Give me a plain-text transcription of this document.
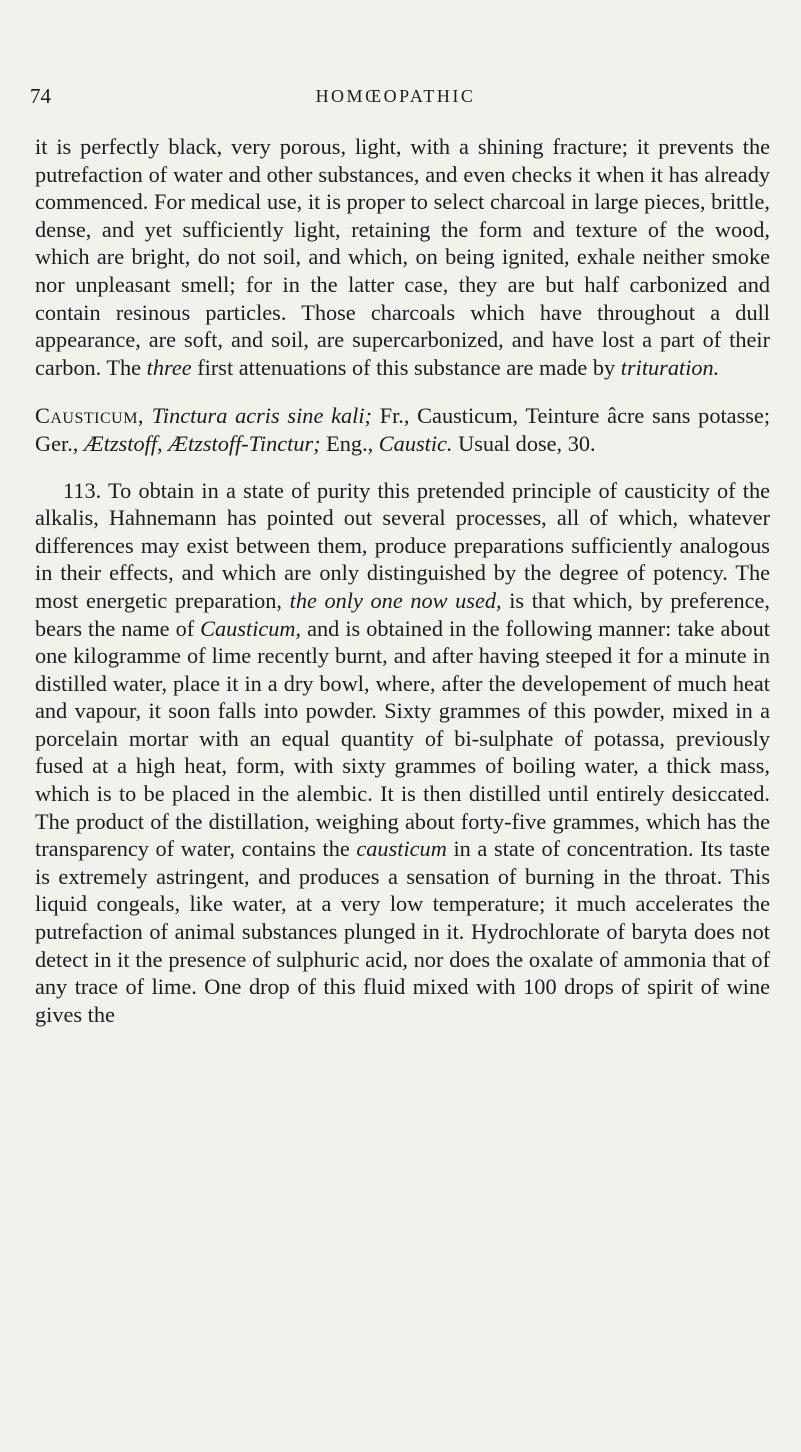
74	HOMŒOPATHIC

it is perfectly black, very porous, light, with a shining fracture; it prevents the putrefaction of water and other substances, and even checks it when it has already commenced. For medical use, it is proper to select charcoal in large pieces, brittle, dense, and yet sufficiently light, retaining the form and texture of the wood, which are bright, do not soil, and which, on being ignited, exhale neither smoke nor unpleasant smell; for in the latter case, they are but half carbonized and contain resinous particles. Those charcoals which have throughout a dull appearance, are soft, and soil, are supercarbonized, and have lost a part of their carbon. The three first attenuations of this substance are made by trituration.

Causticum, Tinctura acris sine kali; Fr., Causticum, Teinture âcre sans potasse; Ger., Ætzstoff, Ætzstoff-Tinctur; Eng., Caustic. Usual dose, 30.

113. To obtain in a state of purity this pretended principle of causticity of the alkalis, Hahnemann has pointed out several processes, all of which, whatever differences may exist between them, produce preparations sufficiently analogous in their effects, and which are only distinguished by the degree of potency. The most energetic preparation, the only one now used, is that which, by preference, bears the name of Causticum, and is obtained in the following manner: take about one kilogramme of lime recently burnt, and after having steeped it for a minute in distilled water, place it in a dry bowl, where, after the developement of much heat and vapour, it soon falls into powder. Sixty grammes of this powder, mixed in a porcelain mortar with an equal quantity of bi-sulphate of potassa, previously fused at a high heat, form, with sixty grammes of boiling water, a thick mass, which is to be placed in the alembic. It is then distilled until entirely desiccated. The product of the distillation, weighing about forty-five grammes, which has the transparency of water, contains the causticum in a state of concentration. Its taste is extremely astringent, and produces a sensation of burning in the throat. This liquid congeals, like water, at a very low temperature; it much accelerates the putrefaction of animal substances plunged in it. Hydrochlorate of baryta does not detect in it the presence of sulphuric acid, nor does the oxalate of ammonia that of any trace of lime. One drop of this fluid mixed with 100 drops of spirit of wine gives the
